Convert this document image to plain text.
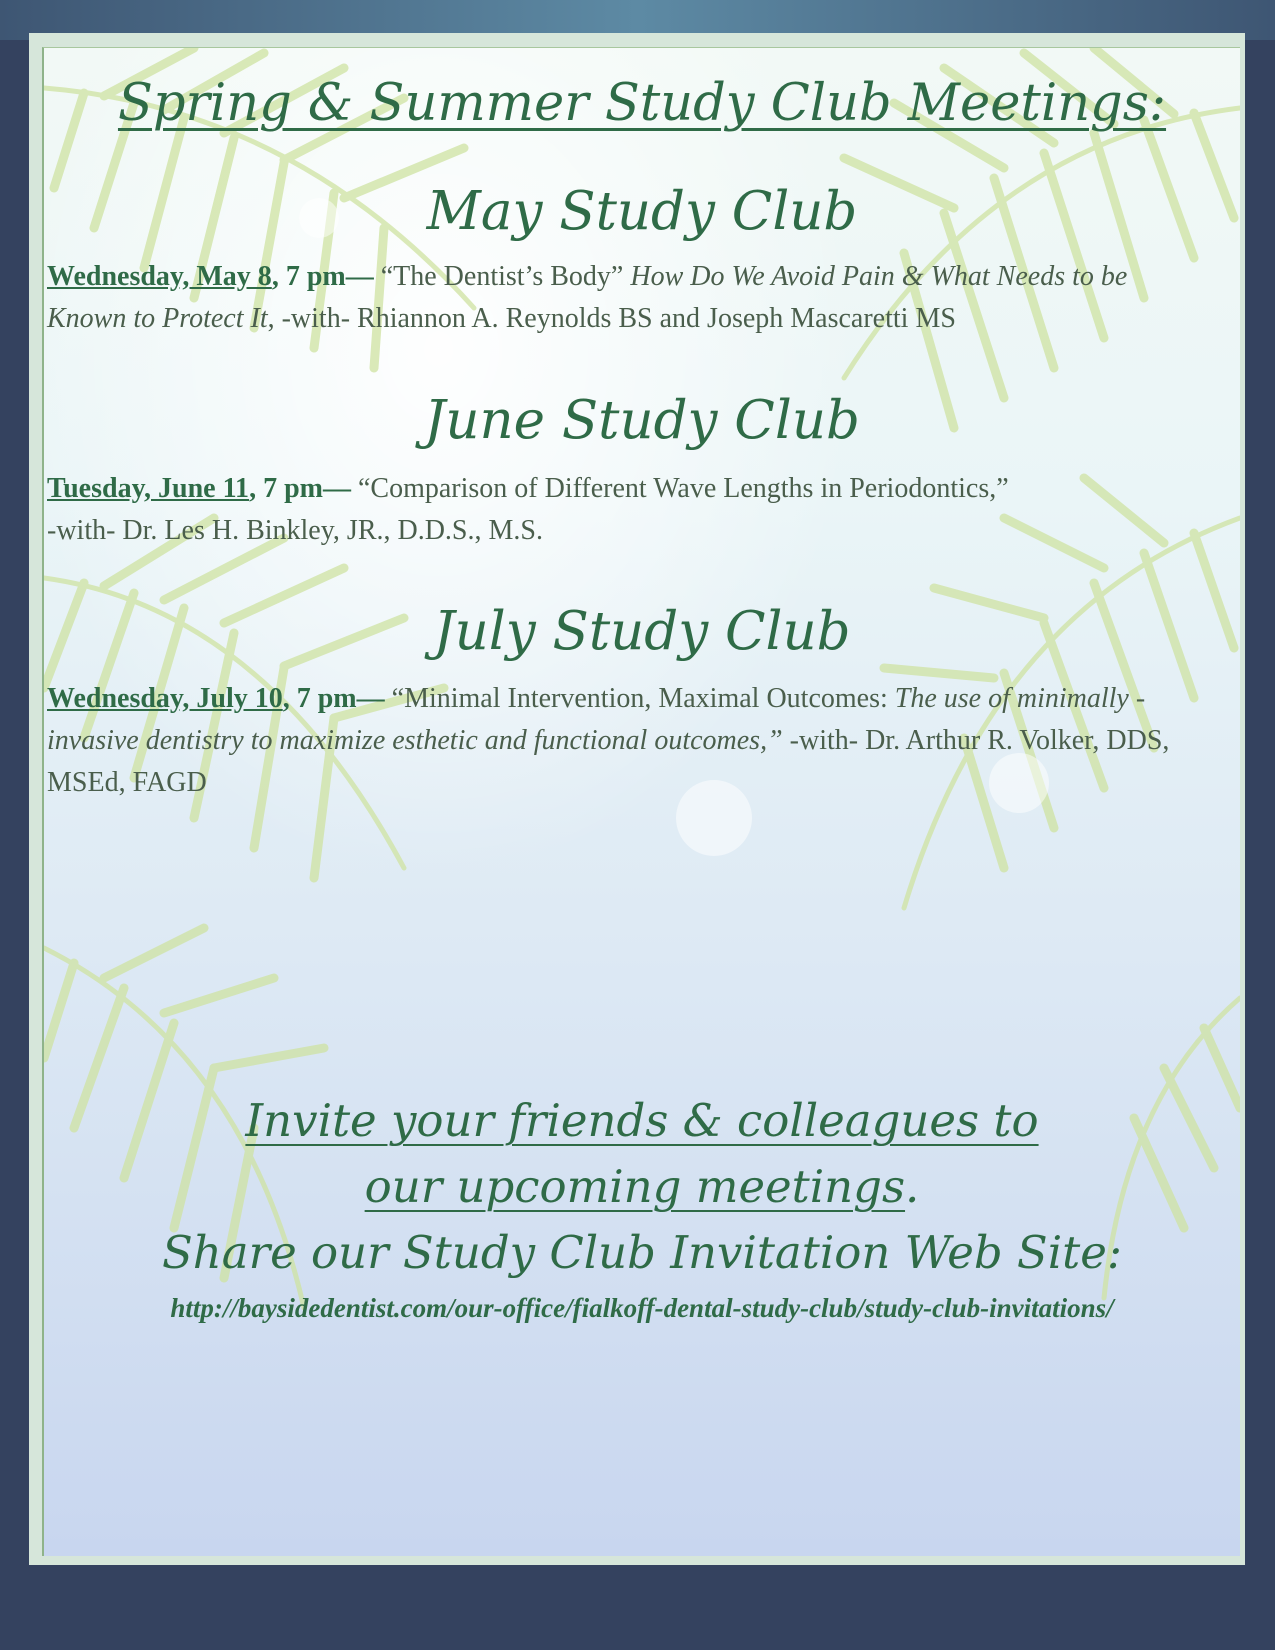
Spring & Summer Study Club Meetings:
May Study Club

Wednesday, May 8, 7 pm— “The Dentist’s Body” How Do We Avoid Pain & What Needs to be Known to Protect It, -with- Rhiannon A. Reynolds BS and Joseph Mascaretti MS

June Study Club

Tuesday, June 11, 7 pm— “Comparison of Different Wave Lengths in Periodontics,”
-with- Dr. Les H. Binkley, JR., D.D.S., M.S.

July Study Club

Wednesday, July 10, 7 pm— “Minimal Intervention, Maximal Outcomes: The use of minimally - invasive dentistry to maximize esthetic and functional outcomes,” -with- Dr. Arthur R. Volker, DDS, MSEd, FAGD

Invite your friends & colleagues to

our upcoming meetings.

Share our Study Club Invitation Web Site:

http://baysidedentist.com/our-office/fialkoff-dental-study-club/study-club-invitations/
